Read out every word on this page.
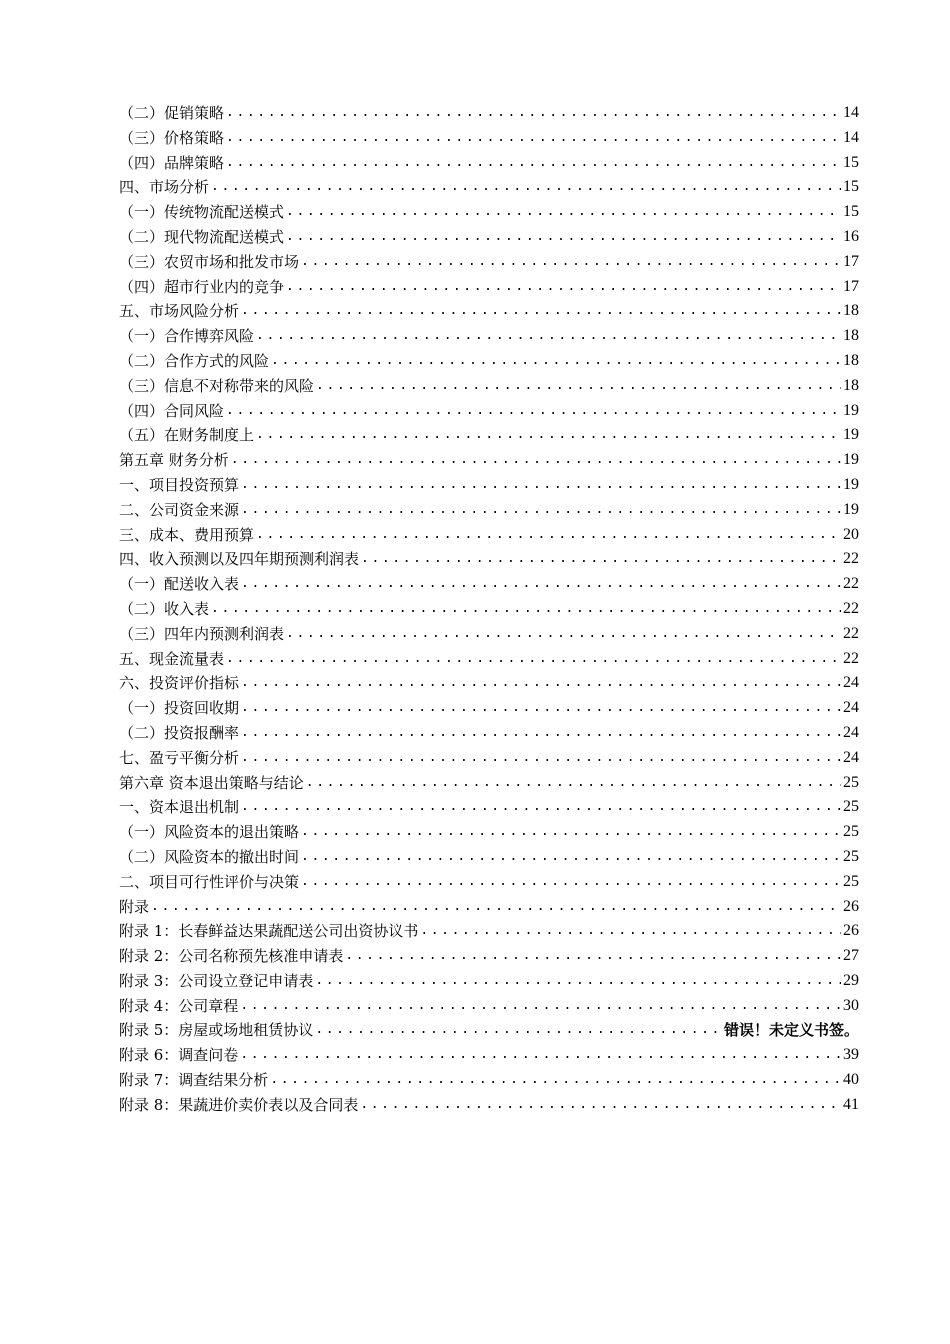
（二）促销策略 .....	14
（三）价格策略 .....	14
（四）品牌策略 .....	15
四、市场分析 .....	15
（一）传统物流配送模式 .....	15
（二）现代物流配送模式 .....	16
（三）农贸市场和批发市场 .....	17
（四）超市行业内的竞争 .....	17
五、市场风险分析 .....	18
（一）合作博弈风险 .....	18
（二）合作方式的风险 .....	18
（三）信息不对称带来的风险 .....	18
（四）合同风险 .....	19
（五）在财务制度上 .....	19
第五章 财务分析 .....	19
一、项目投资预算 .....	19
二、公司资金来源 .....	19
三、成本、费用预算 .....	20
四、收入预测以及四年期预测利润表 .....	22
（一）配送收入表 .....	22
（二）收入表 .....	22
（三）四年内预测利润表 .....	22
五、现金流量表 .....	22
六、投资评价指标 .....	24
（一）投资回收期 .....	24
（二）投资报酬率 .....	24
七、盈亏平衡分析 .....	24
第六章 资本退出策略与结论 .....	25
一、资本退出机制 .....	25
（一）风险资本的退出策略 .....	25
（二）风险资本的撤出时间 .....	25
二、项目可行性评价与决策 .....	25
附录 .....	26
附录 1：长春鲜益达果蔬配送公司出资协议书 .....	26
附录 2：公司名称预先核准申请表 .....	27
附录 3：公司设立登记申请表 .....	29
附录 4：公司章程 .....	30
附录 5：房屋或场地租赁协议 .....	错误！未定义书签。
附录 6：调查问卷 .....	39
附录 7：调查结果分析 .....	40
附录 8：果蔬进价卖价表以及合同表 .....	41
